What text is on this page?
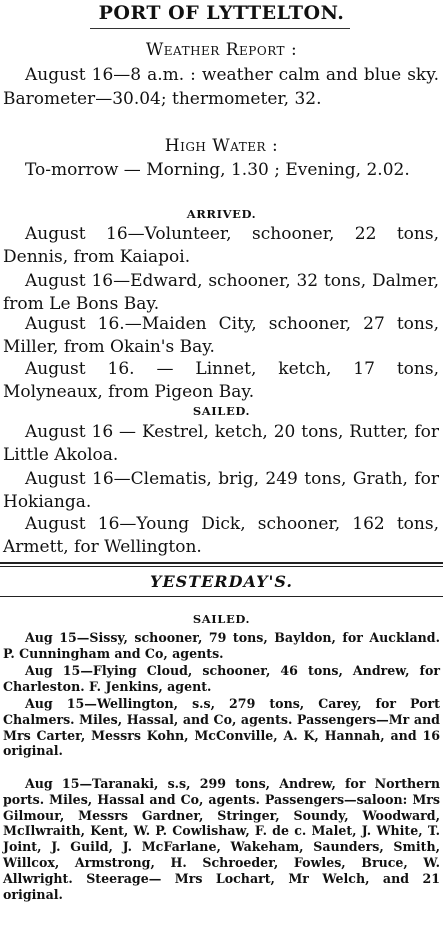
PORT OF LYTTELTON.
Weather Report :
August 16—8 a.m. : weather calm and blue sky. Barometer—30.04; thermometer, 32.
High Water :
To-morrow — Morning, 1.30 ; Evening, 2.02.
ARRIVED.
August 16—Volunteer, schooner, 22 tons, Dennis, from Kaiapoi.
August 16—Edward, schooner, 32 tons, Dalmer, from Le Bons Bay.
August 16.—Maiden City, schooner, 27 tons, Miller, from Okain's Bay.
August 16. — Linnet, ketch, 17 tons, Molyneaux, from Pigeon Bay.
SAILED.
August 16 — Kestrel, ketch, 20 tons, Rutter, for Little Akoloa.
August 16—Clematis, brig, 249 tons, Grath, for Hokianga.
August 16—Young Dick, schooner, 162 tons, Armett, for Wellington.
YESTERDAY'S.
SAILED.
Aug 15—Sissy, schooner, 79 tons, Bayldon, for Auckland. P. Cunningham and Co, agents.
Aug 15—Flying Cloud, schooner, 46 tons, Andrew, for Charleston. F. Jenkins, agent.
Aug 15—Wellington, s.s, 279 tons, Carey, for Port Chalmers. Miles, Hassal, and Co, agents. Passengers—Mr and Mrs Carter, Messrs Kohn, McConville, A. K, Hannah, and 16 original.
Aug 15—Taranaki, s.s, 299 tons, Andrew, for Northern ports. Miles, Hassal and Co, agents. Passengers—saloon: Mrs Gilmour, Messrs Gardner, Stringer, Soundy, Woodward, McIlwraith, Kent, W. P. Cowlishaw, F. de c. Malet, J. White, T. Joint, J. Guild, J. McFarlane, Wakeham, Saunders, Smith, Willcox, Armstrong, H. Schroeder, Fowles, Bruce, W. Allwright. Steerage— Mrs Lochart, Mr Welch, and 21 original.
